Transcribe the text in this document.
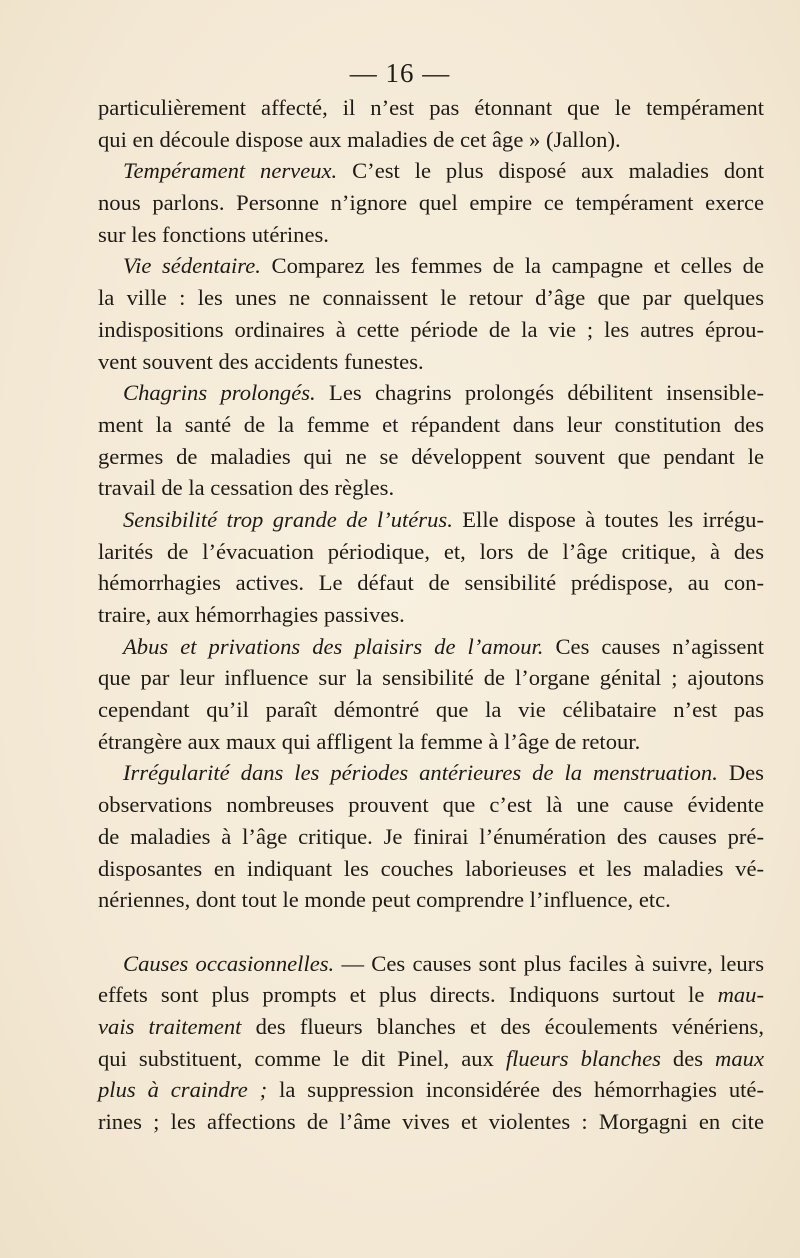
— 16 —
particulièrement affecté, il n’est pas étonnant que le tempérament
qui en découle dispose aux maladies de cet âge » (Jallon).
Tempérament nerveux. C’est le plus disposé aux maladies dont
nous parlons. Personne n’ignore quel empire ce tempérament exerce
sur les fonctions utérines.
Vie sédentaire. Comparez les femmes de la campagne et celles de
la ville : les unes ne connaissent le retour d’âge que par quelques
indispositions ordinaires à cette période de la vie ; les autres éprou-
vent souvent des accidents funestes.
Chagrins prolongés. Les chagrins prolongés débilitent insensible-
ment la santé de la femme et répandent dans leur constitution des
germes de maladies qui ne se développent souvent que pendant le
travail de la cessation des règles.
Sensibilité trop grande de l’utérus. Elle dispose à toutes les irrégu-
larités de l’évacuation périodique, et, lors de l’âge critique, à des
hémorrhagies actives. Le défaut de sensibilité prédispose, au con-
traire, aux hémorrhagies passives.
Abus et privations des plaisirs de l’amour. Ces causes n’agissent
que par leur influence sur la sensibilité de l’organe génital ; ajoutons
cependant qu’il paraît démontré que la vie célibataire n’est pas
étrangère aux maux qui affligent la femme à l’âge de retour.
Irrégularité dans les périodes antérieures de la menstruation. Des
observations nombreuses prouvent que c’est là une cause évidente
de maladies à l’âge critique. Je finirai l’énumération des causes pré-
disposantes en indiquant les couches laborieuses et les maladies vé-
nériennes, dont tout le monde peut comprendre l’influence, etc.
Causes occasionnelles. — Ces causes sont plus faciles à suivre, leurs
effets sont plus prompts et plus directs. Indiquons surtout le mau-
vais traitement des flueurs blanches et des écoulements vénériens,
qui substituent, comme le dit Pinel, aux flueurs blanches des maux
plus à craindre ; la suppression inconsidérée des hémorrhagies uté-
rines ; les affections de l’âme vives et violentes : Morgagni en cite
